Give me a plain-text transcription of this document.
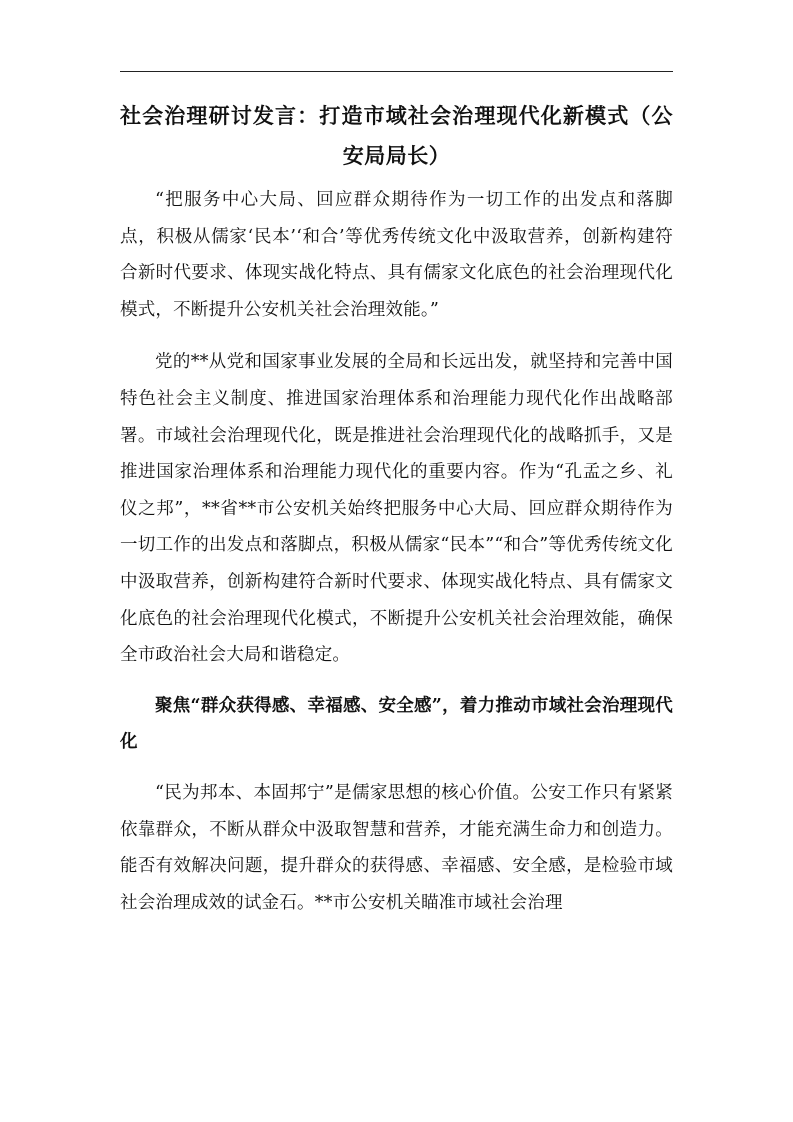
社会治理研讨发言：打造市域社会治理现代化新模式（公安局局长）

“把服务中心大局、回应群众期待作为一切工作的出发点和落脚点，积极从儒家‘民本’‘和合’等优秀传统文化中汲取营养，创新构建符合新时代要求、体现实战化特点、具有儒家文化底色的社会治理现代化模式，不断提升公安机关社会治理效能。”

党的**从党和国家事业发展的全局和长远出发，就坚持和完善中国特色社会主义制度、推进国家治理体系和治理能力现代化作出战略部署。市域社会治理现代化，既是推进社会治理现代化的战略抓手，又是推进国家治理体系和治理能力现代化的重要内容。作为“孔孟之乡、礼仪之邦”，**省**市公安机关始终把服务中心大局、回应群众期待作为一切工作的出发点和落脚点，积极从儒家“民本”“和合”等优秀传统文化中汲取营养，创新构建符合新时代要求、体现实战化特点、具有儒家文化底色的社会治理现代化模式，不断提升公安机关社会治理效能，确保全市政治社会大局和谐稳定。

聚焦“群众获得感、幸福感、安全感”，着力推动市域社会治理现代化

“民为邦本、本固邦宁”是儒家思想的核心价值。公安工作只有紧紧依靠群众，不断从群众中汲取智慧和营养，才能充满生命力和创造力。能否有效解决问题，提升群众的获得感、幸福感、安全感，是检验市域社会治理成效的试金石。**市公安机关瞄准市域社会治理
